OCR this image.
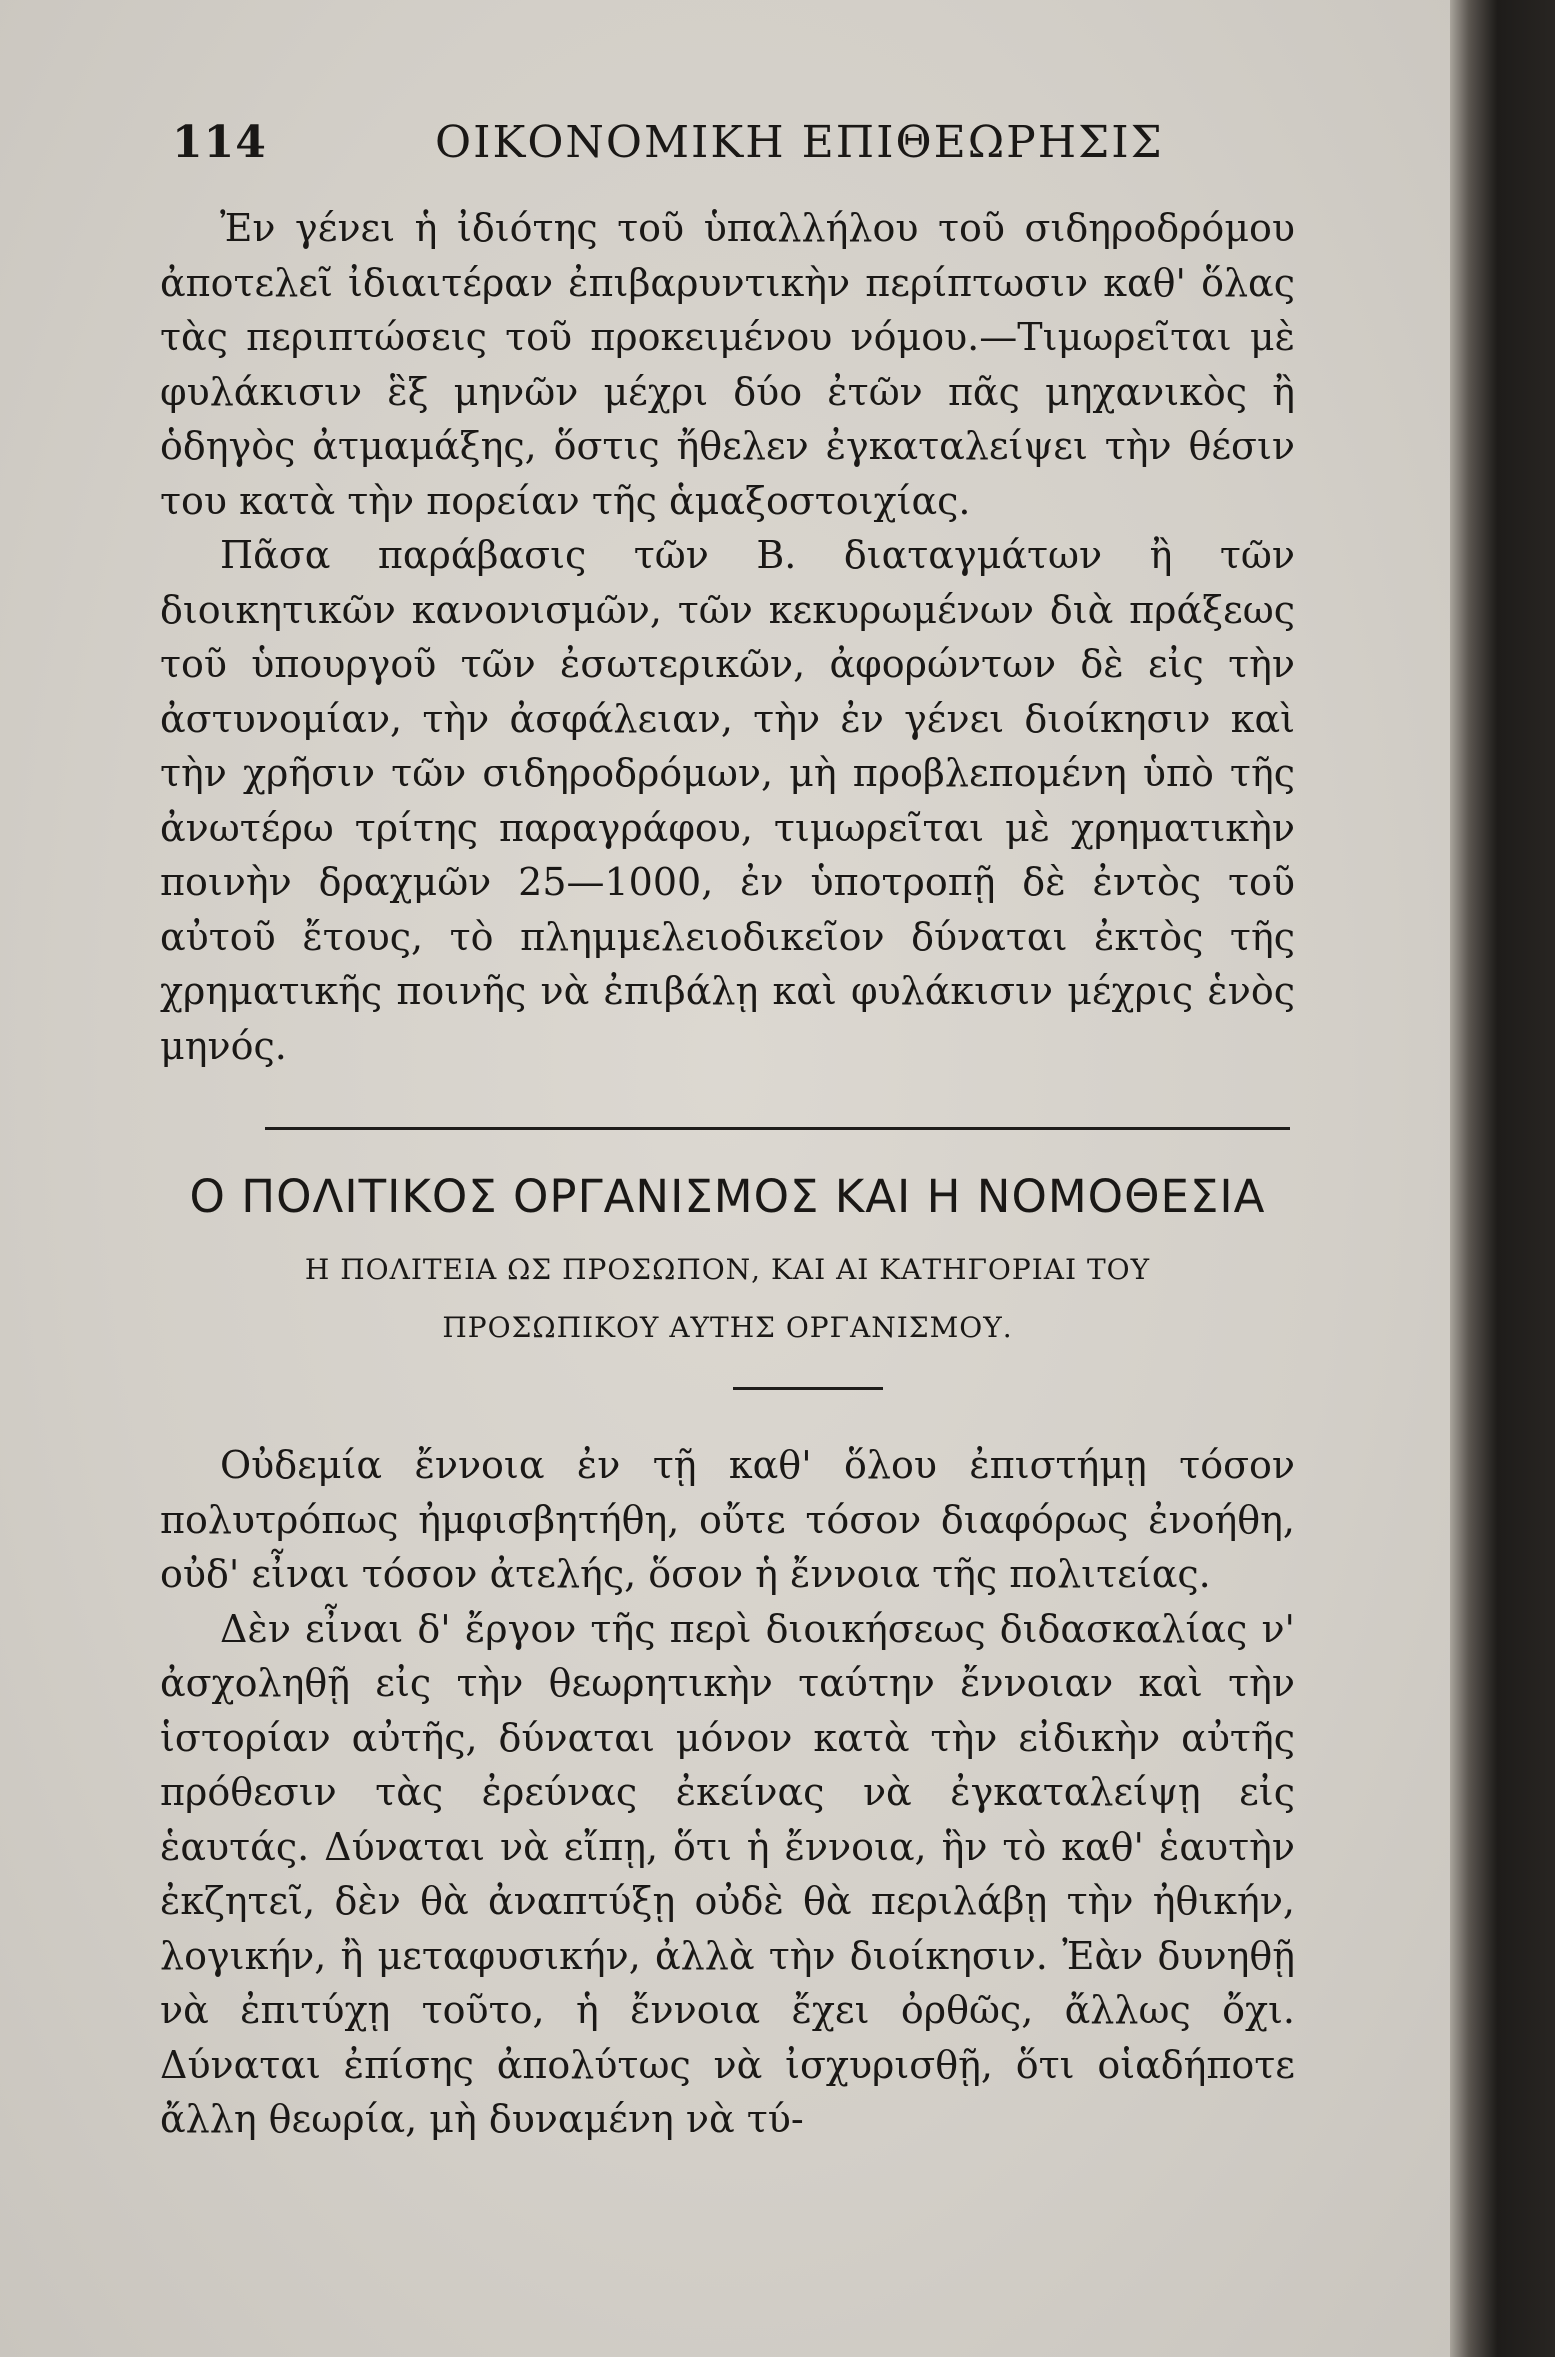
114	ΟΙΚΟΝΟΜΙΚΗ ΕΠΙΘΕΩΡΗΣΙΣ

Ἐν γένει ἡ ἰδιότης τοῦ ὑπαλλήλου τοῦ σιδηροδρόμου ἀποτελεῖ ἰδιαιτέραν ἐπιβαρυντικὴν περίπτωσιν καθ' ὅλας τὰς περιπτώσεις τοῦ προκειμένου νόμου.—Τιμωρεῖται μὲ φυλάκισιν ἓξ μηνῶν μέχρι δύο ἐτῶν πᾶς μηχανικὸς ἢ ὁδηγὸς ἀτμαμάξης, ὅστις ἤθελεν ἐγκαταλείψει τὴν θέσιν του κατὰ τὴν πορείαν τῆς ἁμαξοστοιχίας.

Πᾶσα παράβασις τῶν Β. διαταγμάτων ἢ τῶν διοικητικῶν κανονισμῶν, τῶν κεκυρωμένων διὰ πράξεως τοῦ ὑπουργοῦ τῶν ἐσωτερικῶν, ἀφορώντων δὲ εἰς τὴν ἀστυνομίαν, τὴν ἀσφάλειαν, τὴν ἐν γένει διοίκησιν καὶ τὴν χρῆσιν τῶν σιδηροδρόμων, μὴ προβλεπομένη ὑπὸ τῆς ἀνωτέρω τρίτης παραγράφου, τιμωρεῖται μὲ χρηματικὴν ποινὴν δραχμῶν 25—1000, ἐν ὑποτροπῇ δὲ ἐντὸς τοῦ αὐτοῦ ἔτους, τὸ πλημμελειοδικεῖον δύναται ἐκτὸς τῆς χρηματικῆς ποινῆς νὰ ἐπιβάλῃ καὶ φυλάκισιν μέχρις ἑνὸς μηνός.

Ο ΠΟΛΙΤΙΚΟΣ ΟΡΓΑΝΙΣΜΟΣ ΚΑΙ Η ΝΟΜΟΘΕΣΙΑ
Η ΠΟΛΙΤΕΙΑ ΩΣ ΠΡΟΣΩΠΟΝ, ΚΑΙ ΑΙ ΚΑΤΗΓΟΡΙΑΙ ΤΟΥ ΠΡΟΣΩΠΙΚΟΥ ΑΥΤΗΣ ΟΡΓΑΝΙΣΜΟΥ.

Οὐδεμία ἔννοια ἐν τῇ καθ' ὅλου ἐπιστήμῃ τόσον πολυτρόπως ἠμφισβητήθη, οὔτε τόσον διαφόρως ἐνοήθη, οὐδ' εἶναι τόσον ἀτελής, ὅσον ἡ ἔννοια τῆς πολιτείας.

Δὲν εἶναι δ' ἔργον τῆς περὶ διοικήσεως διδασκαλίας ν' ἀσχοληθῇ εἰς τὴν θεωρητικὴν ταύτην ἔννοιαν καὶ τὴν ἱστορίαν αὐτῆς, δύναται μόνον κατὰ τὴν εἰδικὴν αὐτῆς πρόθεσιν τὰς ἐρεύνας ἐκείνας νὰ ἐγκαταλείψῃ εἰς ἑαυτάς. Δύναται νὰ εἴπῃ, ὅτι ἡ ἔννοια, ἣν τὸ καθ' ἑαυτὴν ἐκζητεῖ, δὲν θὰ ἀναπτύξῃ οὐδὲ θὰ περιλάβῃ τὴν ἠθικήν, λογικήν, ἢ μεταφυσικήν, ἀλλὰ τὴν διοίκησιν. Ἐὰν δυνηθῇ νὰ ἐπιτύχῃ τοῦτο, ἡ ἔννοια ἔχει ὀρθῶς, ἄλλως ὄχι. Δύναται ἐπίσης ἀπολύτως νὰ ἰσχυρισθῇ, ὅτι οἱαδήποτε ἄλλη θεωρία, μὴ δυναμένη νὰ τύ-
